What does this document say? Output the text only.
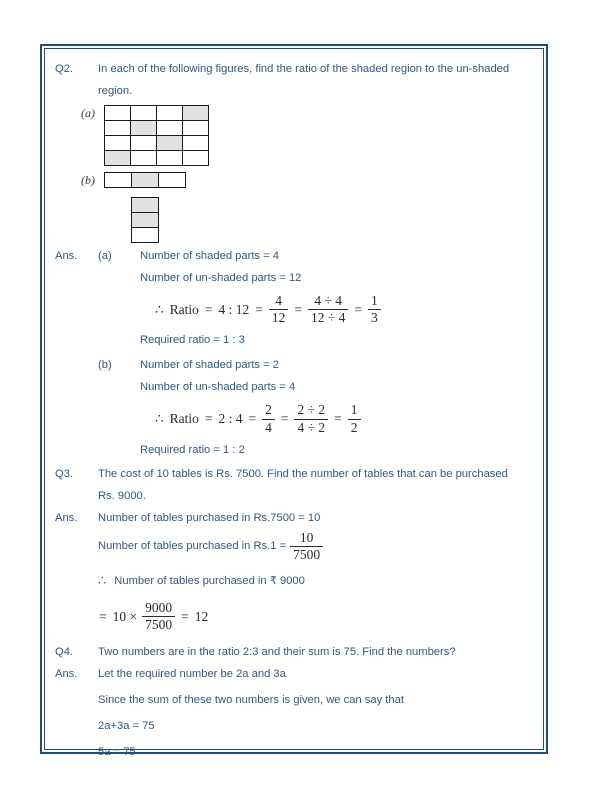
Q2.	In each of the following figures, find the ratio of the shaded region to the un-shaded
region.
(a)
(b)
Ans.	(a)	Number of shaded parts = 4
Number of un-shaded parts = 12
∴ Ratio = 4 : $12 = \frac{4}{12} = \frac{4 \div 4}{12 \div 4} = \frac{1}{3}$
Required ratio = 1 : 3
(b)	Number of shaded parts = 2
Number of un-shaded parts = 4
∴ Ratio = 2 : $4 = \frac{2}{4} = \frac{2 \div 2}{4 \div 2} = \frac{1}{2}$
Required ratio = 1 : 2
Q3.	The cost of 10 tables is Rs. 7500. Find the number of tables that can be purchased
Rs. 9000.
Ans.	Number of tables purchased in Rs.7500 = 10
Number of tables purchased in $Rs.1 = \frac{10}{7500}$
∴ Number of tables purchased in ₹ 9000
= $10 \times \frac{9000}{7500} = 12$
Q4.	Two numbers are in the ratio 2:3 and their sum is 75. Find the numbers?
Ans.	Let the required number be 2a and 3a
Since the sum of these two numbers is given, we can say that
2a+3a = 75
5a = 75
